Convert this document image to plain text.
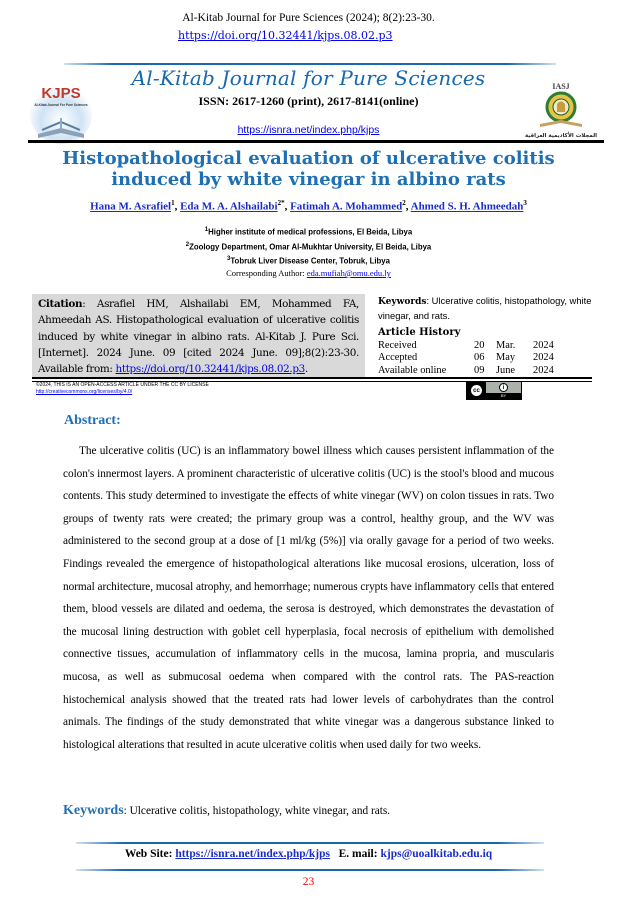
Al-Kitab Journal for Pure Sciences (2024); 8(2):23-30.
https://doi.org/10.32441/kjps.08.02.p3
KJPS
Al-Kitab Journal For Pure Sciences
Al-Kitab Journal for Pure Sciences
ISSN: 2617-1260 (print), 2617-8141(online)
https://isnra.net/index.php/kjps
IASJ
المجلات الأكاديمية العراقية
Histopathological evaluation of ulcerative colitis
induced by white vinegar in albino rats
Hana M. Asrafiel$^1$, Eda M. A. Alshailabi$^{2*}$, Fatimah A. Mohammed$^2$, Ahmed S. H. Ahmeedah$^3$
$^1$Higher institute of medical professions, El Beida, Libya
$^2$Zoology Department, Omar Al-Mukhtar University, El Beida, Libya
$^3$Tobruk Liver Disease Center, Tobruk, Libya
Corresponding Author: eda.mufiah@omu.edu.ly
Citation: Asrafiel HM, Alshailabi EM, Mohammed FA, Ahmeedah AS. Histopathological evaluation of ulcerative colitis induced by white vinegar in albino rats. Al-Kitab J. Pure Sci. [Internet]. 2024 June. 09 [cited 2024 June. 09];8(2):23-30. Available from: https://doi.org/10.32441/kjps.08.02.p3.
Keywords: Ulcerative colitis, histopathology, white vinegar, and rats.
Article History
Received	20	Mar.	2024
Accepted	06	May	2024
Available online	09	June	2024
©2024, THIS IS AN OPEN-ACCESS ARTICLE UNDER THE CC BY LICENSE
http://creativecommons.org/licenses/by/4.0/	cc	i
BY
Abstract:
The ulcerative colitis (UC) is an inflammatory bowel illness which causes persistent inflammation of the colon's innermost layers. A prominent characteristic of ulcerative colitis (UC) is the stool's blood and mucous contents. This study determined to investigate the effects of white vinegar (WV) on colon tissues in rats. Two groups of twenty rats were created; the primary group was a control, healthy group, and the WV was administered to the second group at a dose of [1 ml/kg (5%)] via orally gavage for a period of two weeks. Findings revealed the emergence of histopathological alterations like mucosal erosions, ulceration, loss of normal architecture, mucosal atrophy, and hemorrhage; numerous crypts have inflammatory cells that entered them, blood vessels are dilated and oedema, the serosa is destroyed, which demonstrates the devastation of the mucosal lining destruction with goblet cell hyperplasia, focal necrosis of epithelium with demolished connective tissues, accumulation of inflammatory cells in the mucosa, lamina propria, and muscularis mucosa, as well as submucosal oedema when compared with the control rats. The PAS-reaction histochemical analysis showed that the treated rats had lower levels of carbohydrates than the control animals. The findings of the study demonstrated that white vinegar was a dangerous substance linked to histological alterations that resulted in acute ulcerative colitis when used daily for two weeks.
Keywords: Ulcerative colitis, histopathology, white vinegar, and rats.
Web Site: https://isnra.net/index.php/kjps E. mail: kjps@uoalkitab.edu.iq
23
